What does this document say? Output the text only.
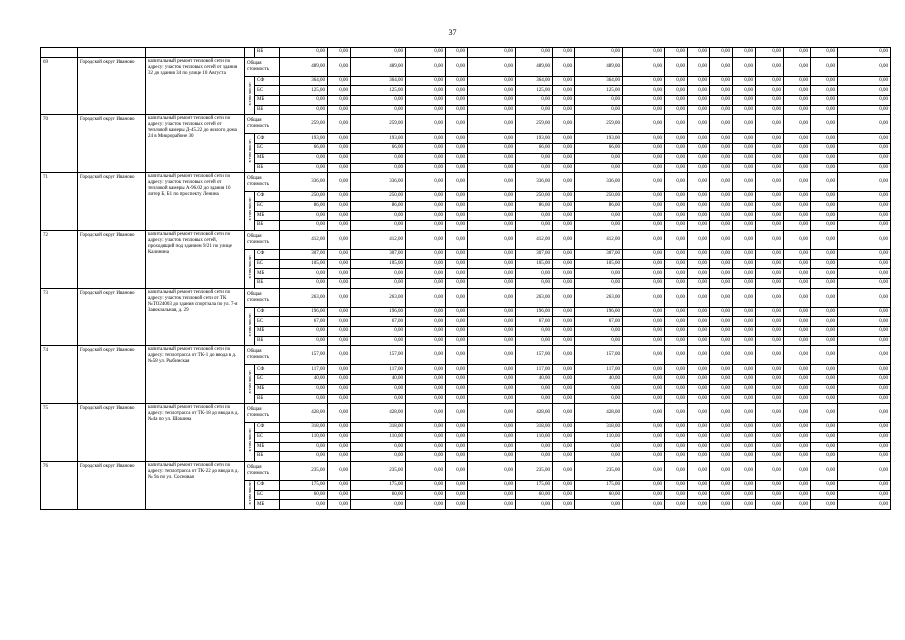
37
				ВБ	0,00	0,00	0,00	0,00	0,00	0,00	0,00	0,00	0,00	0,00	0,00	0,00	0,00	0,00	0,00	0,00	0,00	0,00	
69	Городской округ Иваново	капитальный ремонт тепловой сети по адресу: участок тепловых сетей от здания 32 до здания 34 по улице 10 Августа	Общая стоимость		489,00	0,00	489,00	0,00	0,00	0,00	489,00	0,00	489,00	0,00	0,00	0,00	0,00	0,00	0,00	0,00	0,00	0,00	
			в том числе:	СФ	364,00	0,00	364,00	0,00	0,00	0,00	364,00	0,00	364,00	0,00	0,00	0,00	0,00	0,00	0,00	0,00	0,00	0,00	
				БС	125,00	0,00	125,00	0,00	0,00	0,00	125,00	0,00	125,00	0,00	0,00	0,00	0,00	0,00	0,00	0,00	0,00	0,00	
				МБ	0,00	0,00	0,00	0,00	0,00	0,00	0,00	0,00	0,00	0,00	0,00	0,00	0,00	0,00	0,00	0,00	0,00	0,00	
				ВБ	0,00	0,00	0,00	0,00	0,00	0,00	0,00	0,00	0,00	0,00	0,00	0,00	0,00	0,00	0,00	0,00	0,00	0,00	
70	Городской округ Иваново	капитальный ремонт тепловой сети по адресу: участок тепловых сетей от тепловой камеры Д-45.22 до жилого дома 24 в Микрорайоне 30	Общая стоимость		259,00	0,00	259,00	0,00	0,00	0,00	259,00	0,00	259,00	0,00	0,00	0,00	0,00	0,00	0,00	0,00	0,00	0,00	
			в том числе:	СФ	193,00	0,00	193,00	0,00	0,00	0,00	193,00	0,00	193,00	0,00	0,00	0,00	0,00	0,00	0,00	0,00	0,00	0,00	
				БС	66,00	0,00	66,00	0,00	0,00	0,00	66,00	0,00	66,00	0,00	0,00	0,00	0,00	0,00	0,00	0,00	0,00	0,00	
				МБ	0,00	0,00	0,00	0,00	0,00	0,00	0,00	0,00	0,00	0,00	0,00	0,00	0,00	0,00	0,00	0,00	0,00	0,00	
				ВБ	0,00	0,00	0,00	0,00	0,00	0,00	0,00	0,00	0,00	0,00	0,00	0,00	0,00	0,00	0,00	0,00	0,00	0,00	
71	Городской округ Иваново	капитальный ремонт тепловой сети по адресу: участок тепловых сетей от тепловой камеры А-96.02 до здания 16 литер Б, Б1 по проспекту Ленина	Общая стоимость		336,00	0,00	336,00	0,00	0,00	0,00	336,00	0,00	336,00	0,00	0,00	0,00	0,00	0,00	0,00	0,00	0,00	0,00	
			в том числе:	СФ	250,00	0,00	250,00	0,00	0,00	0,00	250,00	0,00	250,00	0,00	0,00	0,00	0,00	0,00	0,00	0,00	0,00	0,00	
				БС	86,00	0,00	86,00	0,00	0,00	0,00	86,00	0,00	86,00	0,00	0,00	0,00	0,00	0,00	0,00	0,00	0,00	0,00	
				МБ	0,00	0,00	0,00	0,00	0,00	0,00	0,00	0,00	0,00	0,00	0,00	0,00	0,00	0,00	0,00	0,00	0,00	0,00	
				ВБ	0,00	0,00	0,00	0,00	0,00	0,00	0,00	0,00	0,00	0,00	0,00	0,00	0,00	0,00	0,00	0,00	0,00	0,00	
72	Городской округ Иваново	капитальный ремонт тепловой сети по адресу: участок тепловых сетей, проходящий под зданием 9/21 по улице Калинина	Общая стоимость		412,00	0,00	412,00	0,00	0,00	0,00	412,00	0,00	412,00	0,00	0,00	0,00	0,00	0,00	0,00	0,00	0,00	0,00	
			в том числе:	СФ	307,00	0,00	307,00	0,00	0,00	0,00	307,00	0,00	307,00	0,00	0,00	0,00	0,00	0,00	0,00	0,00	0,00	0,00	
				БС	105,00	0,00	105,00	0,00	0,00	0,00	105,00	0,00	105,00	0,00	0,00	0,00	0,00	0,00	0,00	0,00	0,00	0,00	
				МБ	0,00	0,00	0,00	0,00	0,00	0,00	0,00	0,00	0,00	0,00	0,00	0,00	0,00	0,00	0,00	0,00	0,00	0,00	
				ВБ	0,00	0,00	0,00	0,00	0,00	0,00	0,00	0,00	0,00	0,00	0,00	0,00	0,00	0,00	0,00	0,00	0,00	0,00	
73	Городской округ Иваново	капитальный ремонт тепловой сети по адресу: участок тепловой сети от ТК №ТО24003 до здания спортзала по ул. 7-я Завокзальная, д. 29	Общая стоимость		263,00	0,00	263,00	0,00	0,00	0,00	263,00	0,00	263,00	0,00	0,00	0,00	0,00	0,00	0,00	0,00	0,00	0,00	
			в том числе:	СФ	196,00	0,00	196,00	0,00	0,00	0,00	196,00	0,00	196,00	0,00	0,00	0,00	0,00	0,00	0,00	0,00	0,00	0,00	
				БС	67,00	0,00	67,00	0,00	0,00	0,00	67,00	0,00	67,00	0,00	0,00	0,00	0,00	0,00	0,00	0,00	0,00	0,00	
				МБ	0,00	0,00	0,00	0,00	0,00	0,00	0,00	0,00	0,00	0,00	0,00	0,00	0,00	0,00	0,00	0,00	0,00	0,00	
				ВБ	0,00	0,00	0,00	0,00	0,00	0,00	0,00	0,00	0,00	0,00	0,00	0,00	0,00	0,00	0,00	0,00	0,00	0,00	
74	Городской округ Иваново	капитальный ремонт тепловой сети по адресу: теплотрасса от ТК-1 до ввода в д.№58 ул. Рыбинская	Общая стоимость		157,00	0,00	157,00	0,00	0,00	0,00	157,00	0,00	157,00	0,00	0,00	0,00	0,00	0,00	0,00	0,00	0,00	0,00	
			в том числе:	СФ	117,00	0,00	117,00	0,00	0,00	0,00	117,00	0,00	117,00	0,00	0,00	0,00	0,00	0,00	0,00	0,00	0,00	0,00	
				БС	40,00	0,00	40,00	0,00	0,00	0,00	40,00	0,00	40,00	0,00	0,00	0,00	0,00	0,00	0,00	0,00	0,00	0,00	
				МБ	0,00	0,00	0,00	0,00	0,00	0,00	0,00	0,00	0,00	0,00	0,00	0,00	0,00	0,00	0,00	0,00	0,00	0,00	
				ВБ	0,00	0,00	0,00	0,00	0,00	0,00	0,00	0,00	0,00	0,00	0,00	0,00	0,00	0,00	0,00	0,00	0,00	0,00	
75	Городской округ Иваново	капитальный ремонт тепловой сети по адресу: теплотрасса от ТК-18 до ввода в д.№4а по ул. Шошина	Общая стоимость		428,00	0,00	428,00	0,00	0,00	0,00	428,00	0,00	428,00	0,00	0,00	0,00	0,00	0,00	0,00	0,00	0,00	0,00	
			в том числе:	СФ	318,00	0,00	318,00	0,00	0,00	0,00	318,00	0,00	318,00	0,00	0,00	0,00	0,00	0,00	0,00	0,00	0,00	0,00	
				БС	110,00	0,00	110,00	0,00	0,00	0,00	110,00	0,00	110,00	0,00	0,00	0,00	0,00	0,00	0,00	0,00	0,00	0,00	
				МБ	0,00	0,00	0,00	0,00	0,00	0,00	0,00	0,00	0,00	0,00	0,00	0,00	0,00	0,00	0,00	0,00	0,00	0,00	
				ВБ	0,00	0,00	0,00	0,00	0,00	0,00	0,00	0,00	0,00	0,00	0,00	0,00	0,00	0,00	0,00	0,00	0,00	0,00	
76	Городской округ Иваново	капитальный ремонт тепловой сети по адресу: теплотрасса от ТК-22 до ввода в д.№ 9а по ул. Сосновая	Общая стоимость		235,00	0,00	235,00	0,00	0,00	0,00	235,00	0,00	235,00	0,00	0,00	0,00	0,00	0,00	0,00	0,00	0,00	0,00	
			в том числе:	СФ	175,00	0,00	175,00	0,00	0,00	0,00	175,00	0,00	175,00	0,00	0,00	0,00	0,00	0,00	0,00	0,00	0,00	0,00	
				БС	60,00	0,00	60,00	0,00	0,00	0,00	60,00	0,00	60,00	0,00	0,00	0,00	0,00	0,00	0,00	0,00	0,00	0,00	
				МБ	0,00	0,00	0,00	0,00	0,00	0,00	0,00	0,00	0,00	0,00	0,00	0,00	0,00	0,00	0,00	0,00	0,00	0,00	
